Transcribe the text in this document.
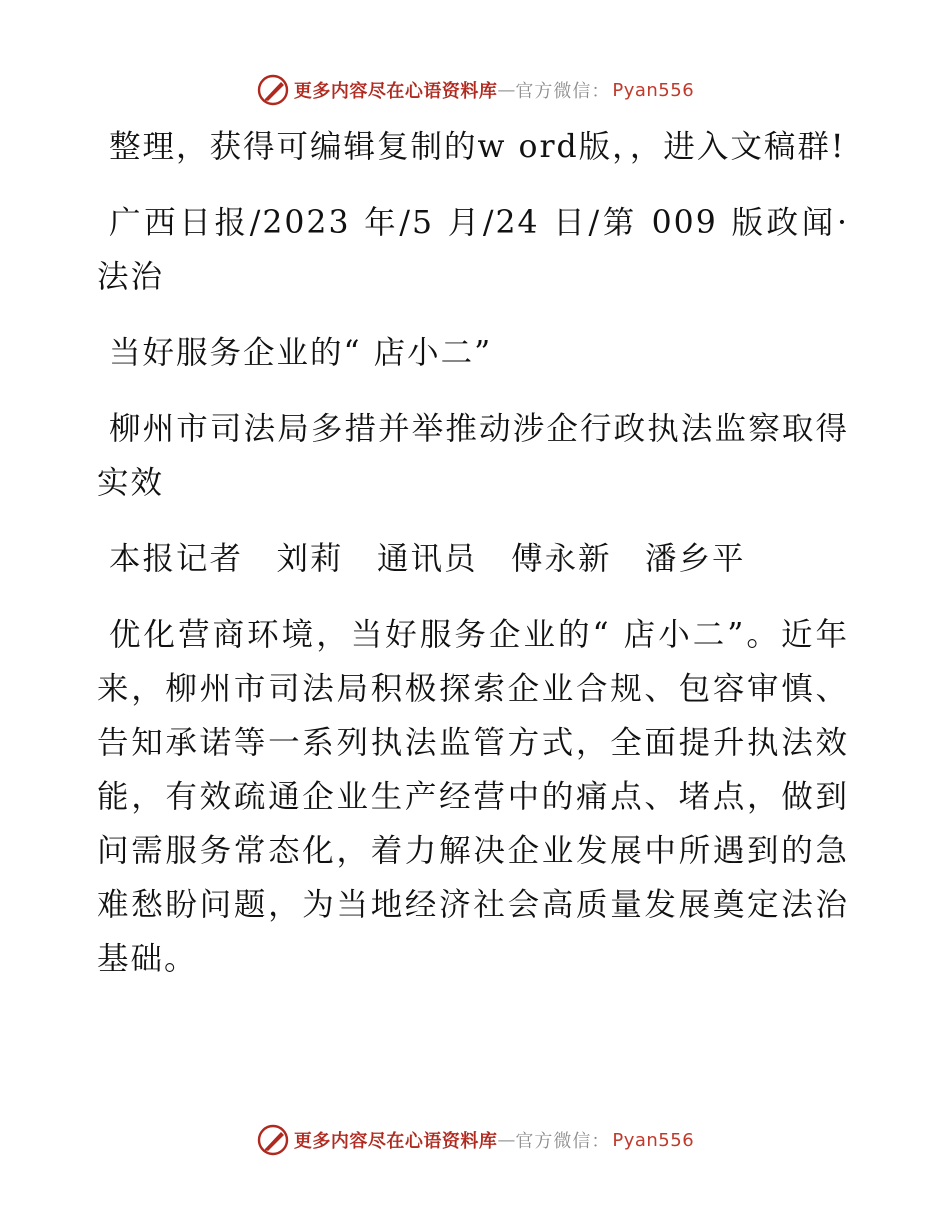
更多内容尽在心语资料库 — 官方微信： Pyan556

整理，获得可编辑复制的w ord版，，进入文稿群!

广西日报/2023 年/5 月/24 日/第 009 版政闻·法治

当好服务企业的“ 店小二”

柳州市司法局多措并举推动涉企行政执法监察取得实效

本报记者　刘莉　通讯员　傅永新　潘乡平

优化营商环境，当好服务企业的“ 店小二”。近年来，柳州市司法局积极探索企业合规、包容审慎、告知承诺等一系列执法监管方式，全面提升执法效能，有效疏通企业生产经营中的痛点、堵点，做到问需服务常态化，着力解决企业发展中所遇到的急难愁盼问题，为当地经济社会高质量发展奠定法治基础。

更多内容尽在心语资料库 — 官方微信： Pyan556
